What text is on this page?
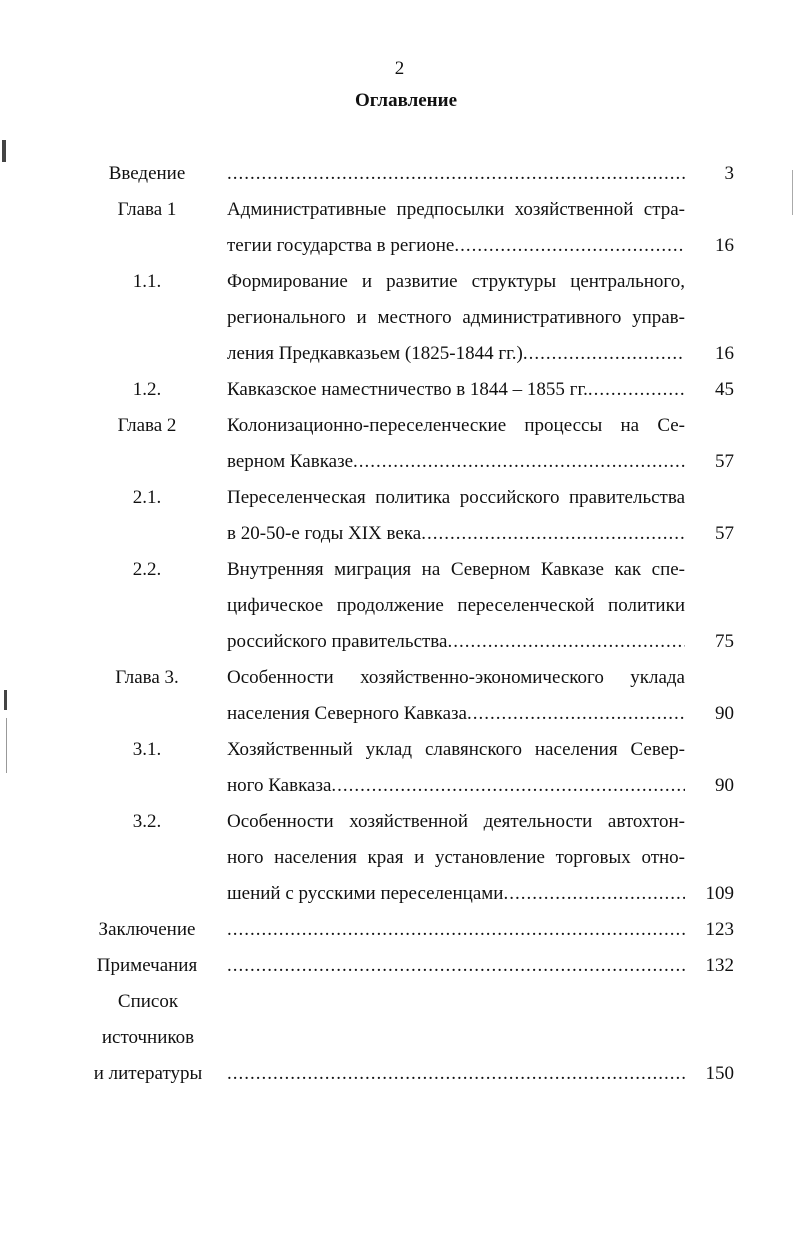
2
Оглавление
Введение .....	3
Глава 1	Административные предпосылки хозяйственной стра-
тегии государства в регионе .....	16
1.1.	Формирование и развитие структуры центрального,
регионального и местного административного управ-
ления Предкавказьем (1825-1844 гг.) .....	16
1.2.	Кавказское наместничество в 1844 – 1855 гг. .....	45
Глава 2	Колонизационно-переселенческие процессы на Се-
верном Кавказе .....	57
2.1.	Переселенческая политика российского правительства
в 20-50-е годы XIX века .....	57
2.2.	Внутренняя миграция на Северном Кавказе как спе-
цифическое продолжение переселенческой политики
российского правительства .....	75
Глава 3.	Особенности хозяйственно-экономического уклада
населения Северного Кавказа .....	90
3.1.	Хозяйственный уклад славянского населения Север-
ного Кавказа .....	90
3.2.	Особенности хозяйственной деятельности автохтон-
ного населения края и установление торговых отно-
шений с русскими переселенцами .....	109
Заключение .....	123
Примечания .....	132
Список
источников
и литературы .....	150
